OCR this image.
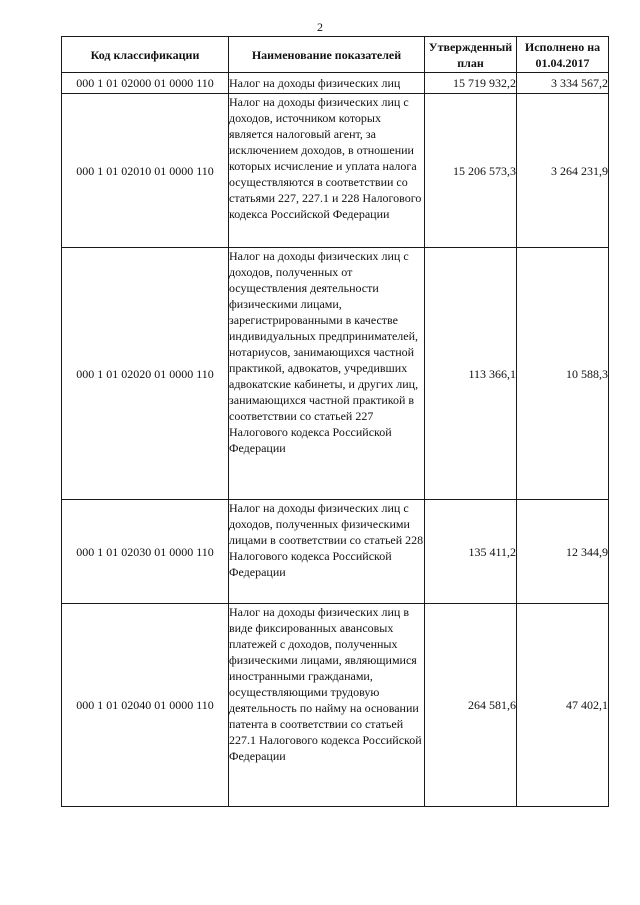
2
Код классификации	Наименование показателей	Утвержденный план	Исполнено на 01.04.2017
000 1 01 02000 01 0000 110	Налог на доходы физических лиц	15 719 932,2	3 334 567,2
000 1 01 02010 01 0000 110	Налог на доходы физических лиц с доходов, источником которых является налоговый агент, за исключением доходов, в отношении которых исчисление и уплата налога осуществляются в соответствии со статьями 227, 227.1 и 228 Налогового кодекса Российской Федерации	15 206 573,3	3 264 231,9
000 1 01 02020 01 0000 110	Налог на доходы физических лиц с доходов, полученных от осуществления деятельности физическими лицами, зарегистрированными в качестве индивидуальных предпринимателей, нотариусов, занимающихся частной практикой, адвокатов, учредивших адвокатские кабинеты, и других лиц, занимающихся частной практикой в соответствии со статьей 227 Налогового кодекса Российской Федерации	113 366,1	10 588,3
000 1 01 02030 01 0000 110	Налог на доходы физических лиц с доходов, полученных физическими лицами в соответствии со статьей 228 Налогового кодекса Российской Федерации	135 411,2	12 344,9
000 1 01 02040 01 0000 110	Налог на доходы физических лиц в виде фиксированных авансовых платежей с доходов, полученных физическими лицами, являющимися иностранными гражданами, осуществляющими трудовую деятельность по найму на основании патента в соответствии со статьей 227.1 Налогового кодекса Российской Федерации	264 581,6	47 402,1
